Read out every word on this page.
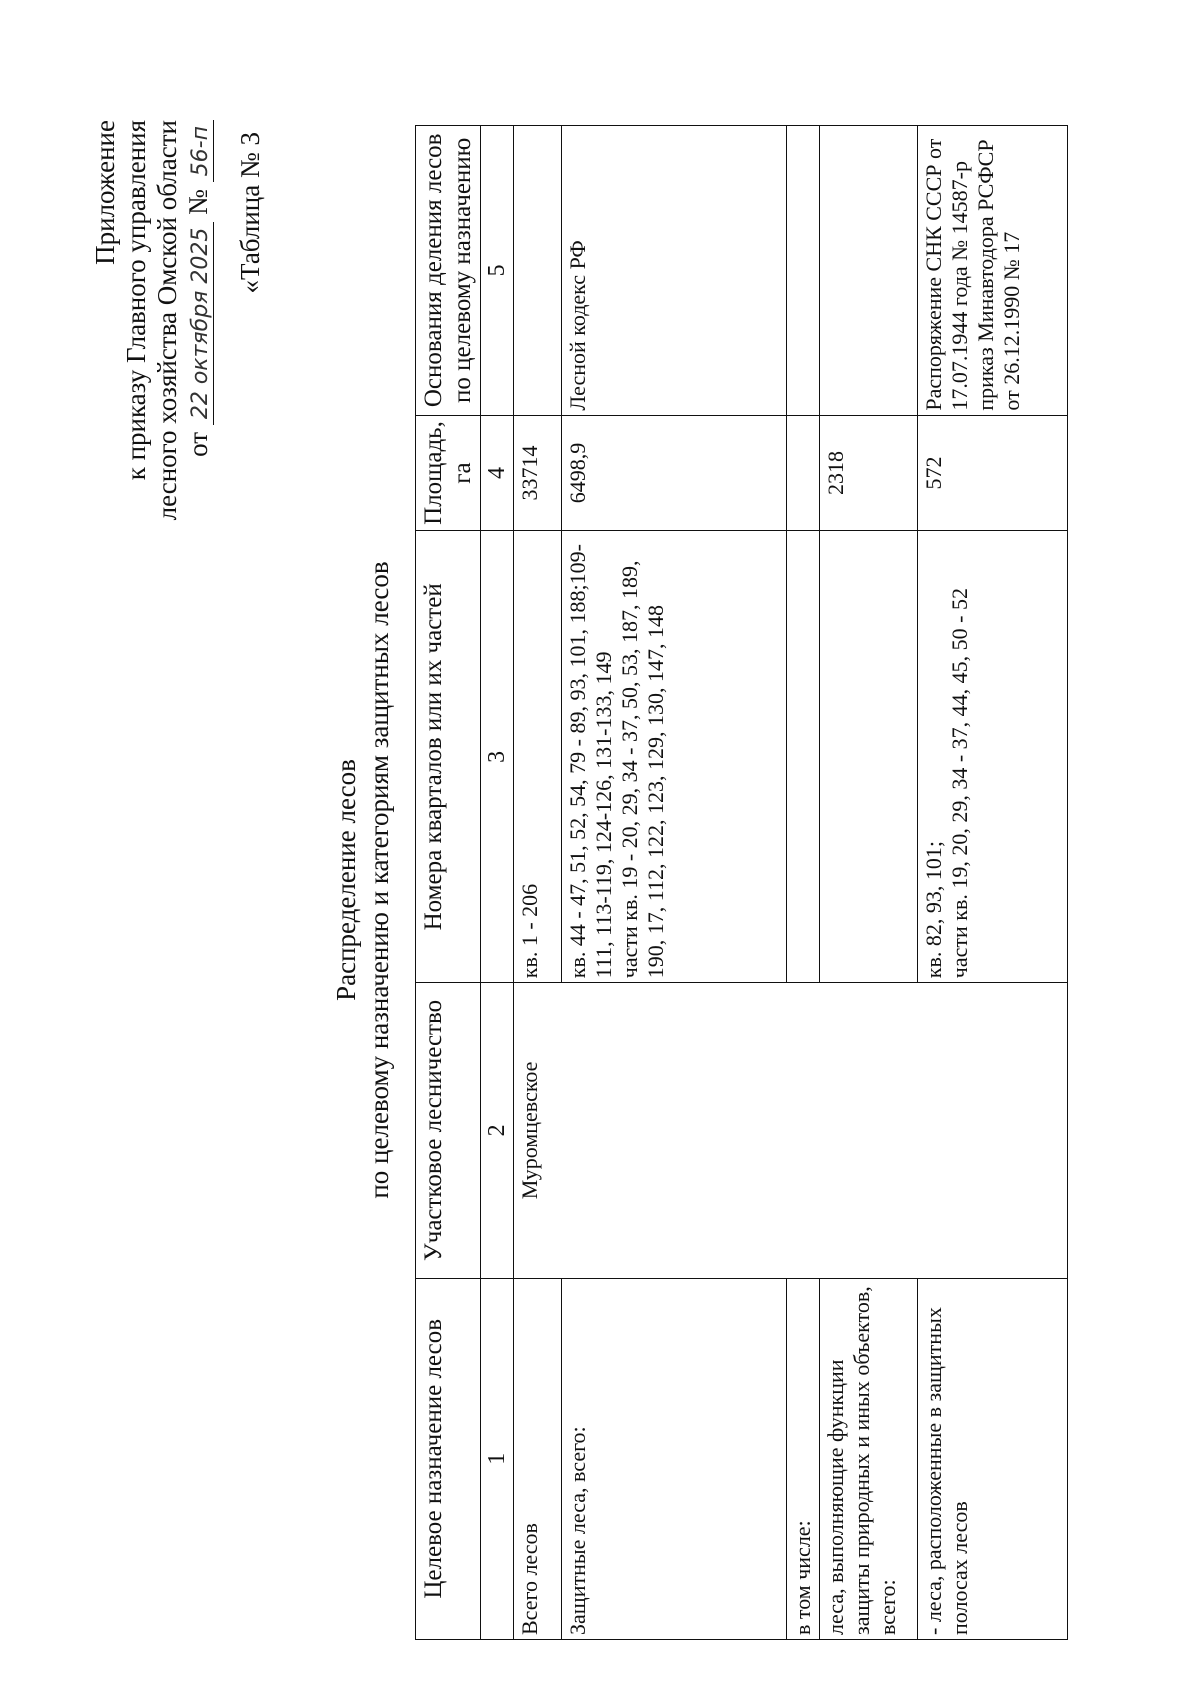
Приложение к приказу Главного управления лесного хозяйства Омской области от 22 октября 2025 № 56-п «Таблица № 3
Распределение лесов по целевому назначению и категориям защитных лесов
Целевое назначение лесов	Участковое лесничество	Номера кварталов или их частей	Площадь, га	Основания деления лесов по целевому назначению
1	2	3	4	5
Всего лесов	Муромцевское	кв. 1 - 206	33714	
Защитные леса, всего:		кв. 44 - 47, 51, 52, 54, 79 - 89, 93, 101, 188;109-111, 113-119, 124-126, 131-133, 149 части кв. 19 - 20, 29, 34 - 37, 50, 53, 187, 189, 190, 17, 112, 122, 123, 129, 130, 147, 148	6498,9	Лесной кодекс РФ
в том числе:				
леса, выполняющие функции защиты природных и иных объектов, всего:			2318	
- леса, расположенные в защитных полосах лесов		кв. 82, 93, 101; части кв. 19, 20, 29, 34 - 37, 44, 45, 50 - 52	572	Распоряжение СНК СССР от 17.07.1944 года № 14587-р приказ Минавтодора РСФСР от 26.12.1990 № 17
